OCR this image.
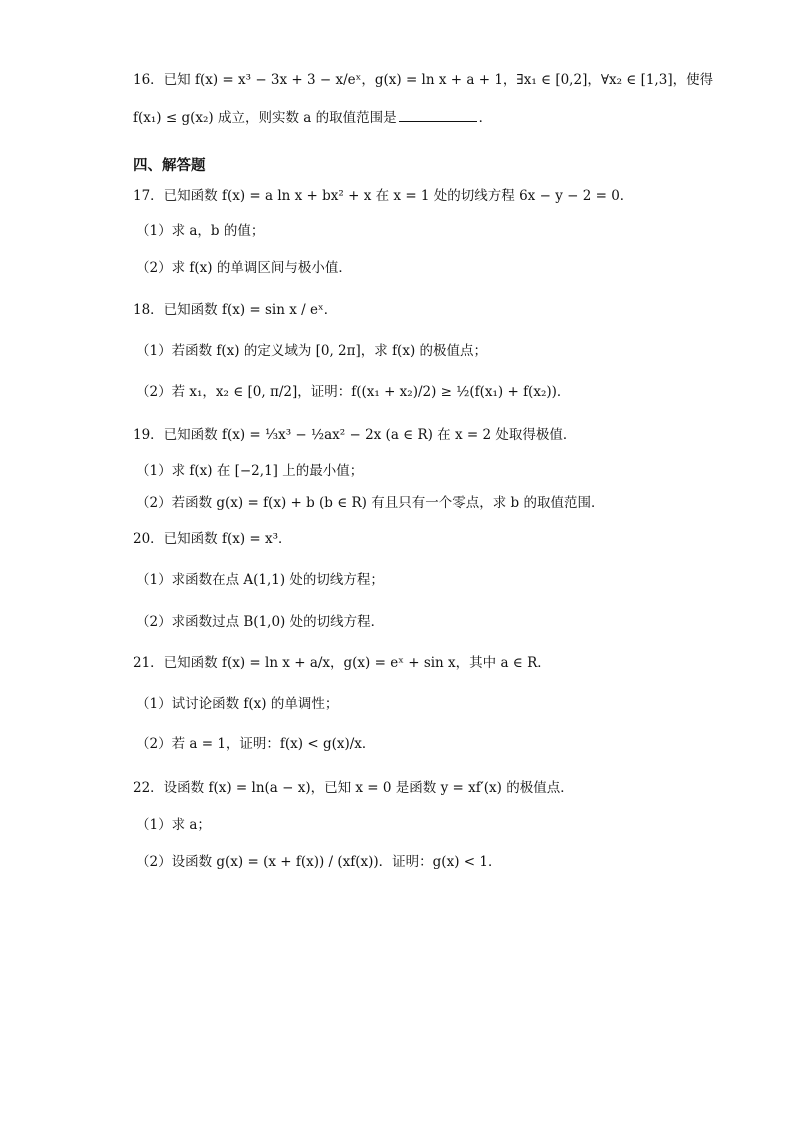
16．已知 f(x) = x³ − 3x + 3 − x/eˣ，g(x) = ln x + a + 1，∃x₁ ∈ [0,2]，∀x₂ ∈ [1,3]，使得
f(x₁) ≤ g(x₂) 成立，则实数 a 的取值范围是	．
四、解答题
17．已知函数 f(x) = a ln x + bx² + x 在 x = 1 处的切线方程 6x − y − 2 = 0．
（1）求 a，b 的值；
（2）求 f(x) 的单调区间与极小值．
18．已知函数 f(x) = sin x / eˣ．
（1）若函数 f(x) 的定义域为 [0, 2π]，求 f(x) 的极值点；
（2）若 x₁，x₂ ∈ [0, π/2]，证明：f((x₁ + x₂)/2) ≥ ½(f(x₁) + f(x₂))．
19．已知函数 f(x) = ⅓x³ − ½ax² − 2x (a ∈ R) 在 x = 2 处取得极值．
（1）求 f(x) 在 [−2,1] 上的最小值；
（2）若函数 g(x) = f(x) + b (b ∈ R) 有且只有一个零点，求 b 的取值范围．
20．已知函数 f(x) = x³．
（1）求函数在点 A(1,1) 处的切线方程；
（2）求函数过点 B(1,0) 处的切线方程．
21．已知函数 f(x) = ln x + a/x，g(x) = eˣ + sin x，其中 a ∈ R．
（1）试讨论函数 f(x) 的单调性；
（2）若 a = 1，证明：f(x) < g(x)/x．
22．设函数 f(x) = ln(a − x)，已知 x = 0 是函数 y = xf′(x) 的极值点．
（1）求 a；
（2）设函数 g(x) = (x + f(x)) / (xf(x))．证明：g(x) < 1．
